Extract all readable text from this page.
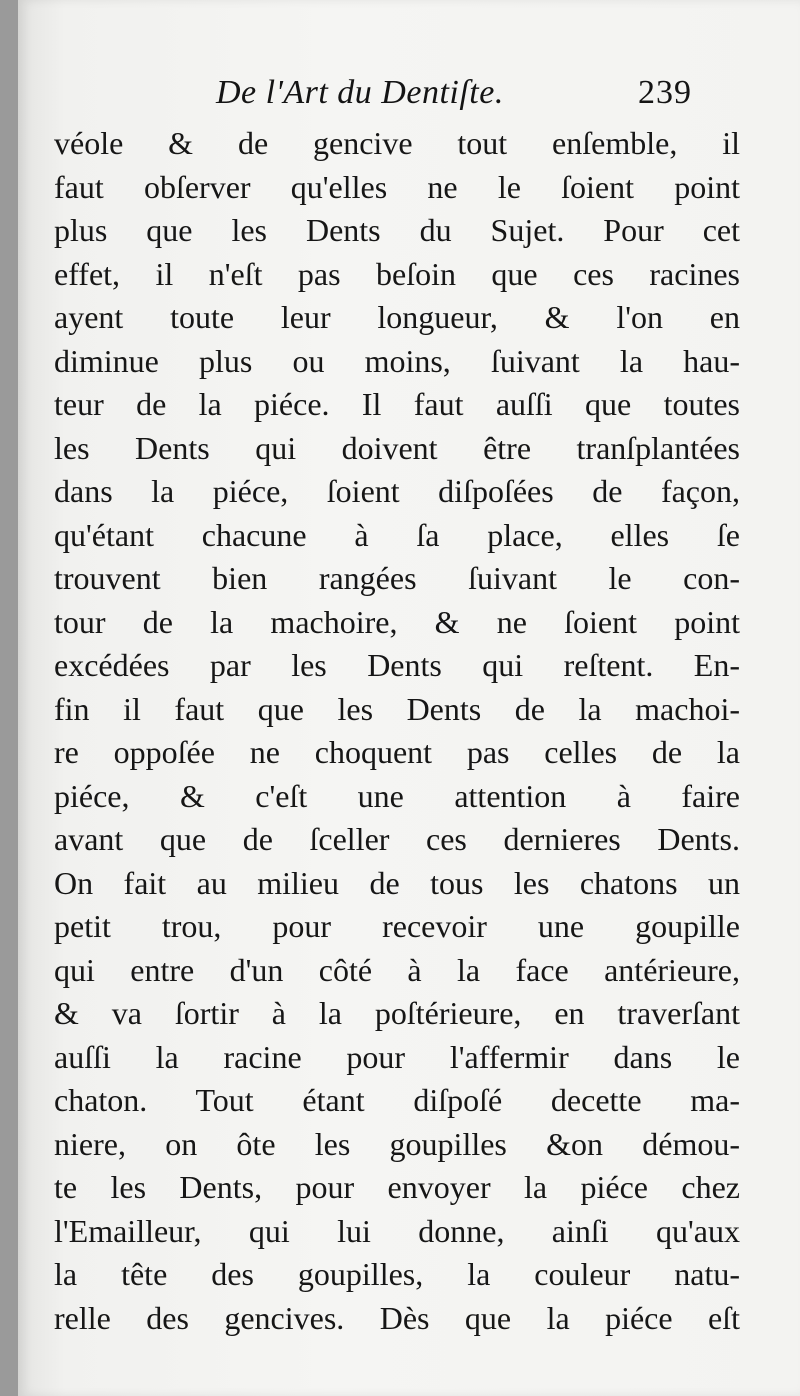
De l'Art du Dentiſte.	239
véole & de gencive tout enſemble, il
faut obſerver qu'elles ne le ſoient point
plus que les Dents du Sujet. Pour cet
effet, il n'eſt pas beſoin que ces racines
ayent toute leur longueur, & l'on en
diminue plus ou moins, ſuivant la hau-
teur de la piéce. Il faut auſſi que toutes
les Dents qui doivent être tranſplantées
dans la piéce, ſoient diſpoſées de façon,
qu'étant chacune à ſa place, elles ſe
trouvent bien rangées ſuivant le con-
tour de la machoire, & ne ſoient point
excédées par les Dents qui reſtent. En-
fin il faut que les Dents de la machoi-
re oppoſée ne choquent pas celles de la
piéce, & c'eſt une attention à faire
avant que de ſceller ces dernieres Dents.
On fait au milieu de tous les chatons un
petit trou, pour recevoir une goupille
qui entre d'un côté à la face antérieure,
& va ſortir à la poſtérieure, en traverſant
auſſi la racine pour l'affermir dans le
chaton. Tout étant diſpoſé decette ma-
niere, on ôte les goupilles &on démou-
te les Dents, pour envoyer la piéce chez
l'Emailleur, qui lui donne, ainſi qu'aux
la tête des goupilles, la couleur natu-
relle des gencives. Dès que la piéce eſt
